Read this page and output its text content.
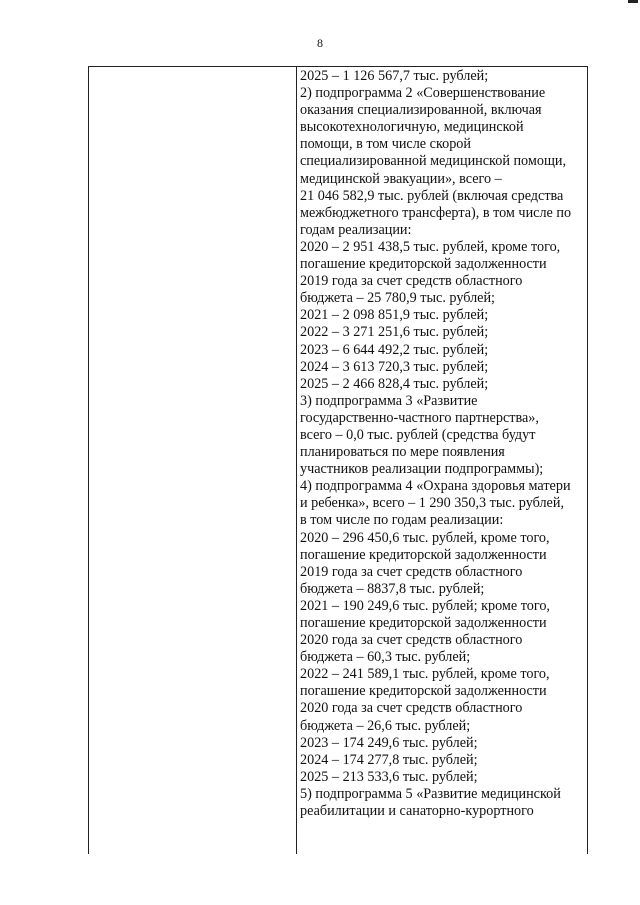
8
2025 – 1 126 567,7 тыс. рублей;
2) подпрограмма 2 «Совершенствование
оказания специализированной, включая
высокотехнологичную, медицинской
помощи, в том числе скорой
специализированной медицинской помощи,
медицинской эвакуации», всего –
21 046 582,9 тыс. рублей (включая средства
межбюджетного трансферта), в том числе по
годам реализации:
2020 – 2 951 438,5 тыс. рублей, кроме того,
погашение кредиторской задолженности
2019 года за счет средств областного
бюджета – 25 780,9 тыс. рублей;
2021 – 2 098 851,9 тыс. рублей;
2022 – 3 271 251,6 тыс. рублей;
2023 – 6 644 492,2 тыс. рублей;
2024 – 3 613 720,3 тыс. рублей;
2025 – 2 466 828,4 тыс. рублей;
3) подпрограмма 3 «Развитие
государственно-частного партнерства»,
всего – 0,0 тыс. рублей (средства будут
планироваться по мере появления
участников реализации подпрограммы);
4) подпрограмма 4 «Охрана здоровья матери
и ребенка», всего – 1 290 350,3 тыс. рублей,
в том числе по годам реализации:
2020 – 296 450,6 тыс. рублей, кроме того,
погашение кредиторской задолженности
2019 года за счет средств областного
бюджета – 8837,8 тыс. рублей;
2021 – 190 249,6 тыс. рублей; кроме того,
погашение кредиторской задолженности
2020 года за счет средств областного
бюджета – 60,3 тыс. рублей;
2022 – 241 589,1 тыс. рублей, кроме того,
погашение кредиторской задолженности
2020 года за счет средств областного
бюджета – 26,6 тыс. рублей;
2023 – 174 249,6 тыс. рублей;
2024 – 174 277,8 тыс. рублей;
2025 – 213 533,6 тыс. рублей;
5) подпрограмма 5 «Развитие медицинской
реабилитации и санаторно-курортного
